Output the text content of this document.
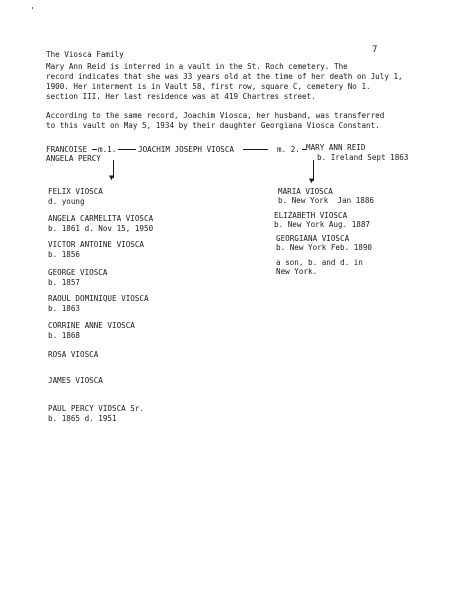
'
The Viosca Family	7
Mary Ann Reid is interred in a vault in the St. Roch cemetery. The
record indicates that she was 33 years old at the time of her death on July 1,
1900. Her interment is in Vault 58, first row, square C, cemetery No 1.
section III. Her last residence was at 419 Chartres street.
According to the same record, Joachim Viosca, her husband, was transferred
to this vault on May 5, 1934 by their daughter Georgiana Viosca Constant.
FRANCOISE m.1.	JOACHIM JOSEPH VIOSCA	m. 2. MARY ANN REID
ANGELA PERCY	b. Ireland Sept 1863
▼	▼
FELIX VIOSCA
d. young
ANGELA CARMELITA VIOSCA
b. 1861 d. Nov 15, 1950
VICTOR ANTOINE VIOSCA
b. 1856
GEORGE VIOSCA
b. 1857
RAOUL DOMINIQUE VIOSCA
b. 1863
CORRINE ANNE VIOSCA
b. 1868
ROSA VIOSCA
JAMES VIOSCA
PAUL PERCY VIOSCA Sr.
b. 1865 d. 1951
MARIA VIOSCA
b. New York  Jan 1886
ELIZABETH VIOSCA
b. New York Aug. 1887
GEORGIANA VIOSCA
b. New York Feb. 1890
a son, b. and d. in
New York.
